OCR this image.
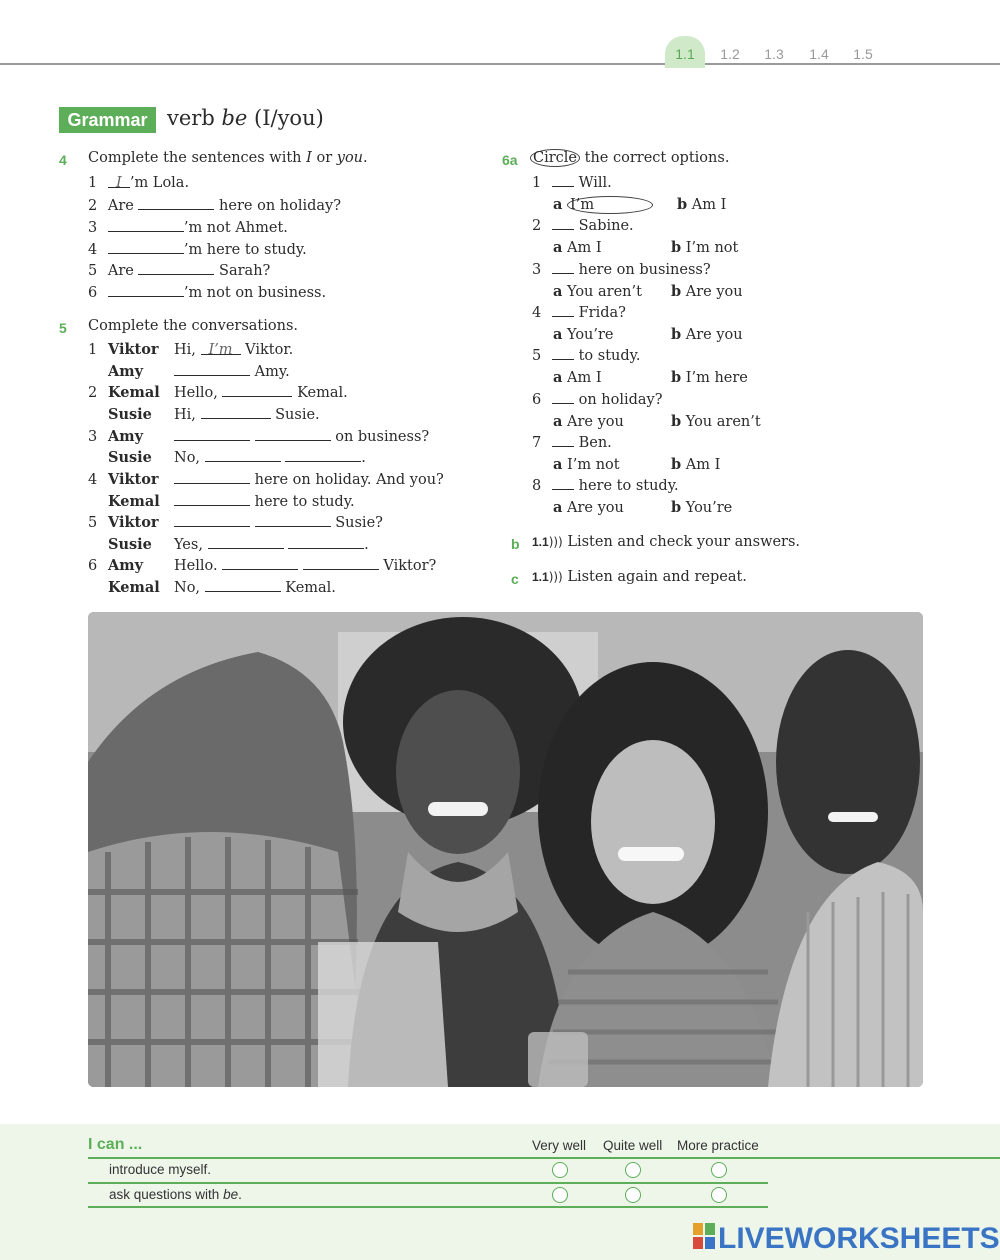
1.1	1.2	1.3	1.4	1.5
Grammar verb be (I/you)
4 Complete the sentences with I or you.
1 I ’m Lola.
2 Are	here on holiday?
3	’m not Ahmet.
4	’m here to study.
5 Are	Sarah?
6	’m not on business.
5 Complete the conversations.
1 Viktor Hi, I’m Viktor.
Amy	Amy.
2 Kemal Hello,	Kemal.
Susie Hi,	Susie.
3 Amy	on business?
Susie No,	.
4 Viktor	here on holiday. And you?
Kemal	here to study.
5 Viktor	Susie?
Susie Yes,	.
6 Amy Hello.	Viktor?
Kemal No,	Kemal.
6a Circle the correct options.
1	Will.
a I’m	b Am I
2	Sabine.
a Am I	b I’m not
3	here on business?
a You aren’t b Are you
4	Frida?
a You’re	b Are you
5	to study.
a Am I	b I’m here
6	on holiday?
a Are you	b You aren’t
7	Ben.
a I’m not	b Am I
8	here to study.
a Are you	b You’re
b 1.1))) Listen and check your answers.
c 1.1))) Listen again and repeat.
I can ...	Very well Quite well More practice
introduce myself.
ask questions with be.
LIVEWORKSHEETS
